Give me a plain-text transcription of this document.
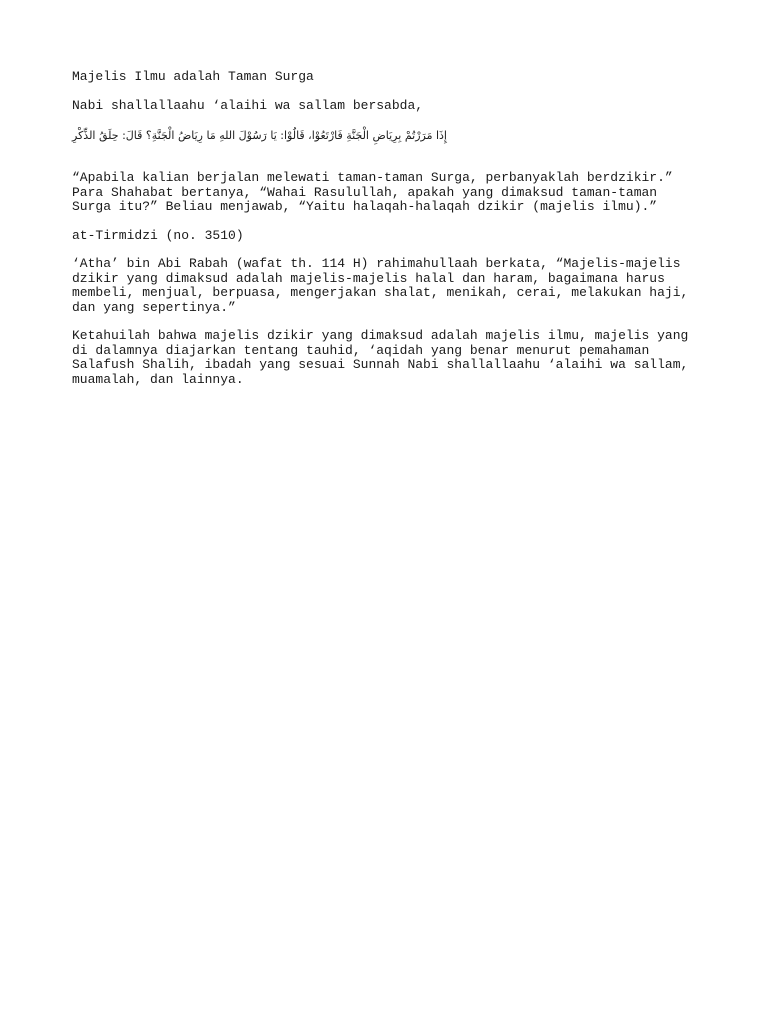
Majelis Ilmu adalah Taman Surga

Nabi shallallaahu ‘alaihi wa sallam bersabda,

إِذَا مَرَرْتُمْ بِرِيَاضِ الْجَنَّةِ فَارْتَعُوْا، قَالُوْا: يَا رَسُوْلَ اللهِ مَا رِيَاضُ الْجَنَّةِ؟ قَالَ: حِلَقُ الذِّكْرِ

“Apabila kalian berjalan melewati taman-taman Surga, perbanyaklah berdzikir.” Para Shahabat bertanya, “Wahai Rasulullah, apakah yang dimaksud taman-taman Surga itu?” Beliau menjawab, “Yaitu halaqah-halaqah dzikir (majelis ilmu).”

at-Tirmidzi (no. 3510)

‘Atha’ bin Abi Rabah (wafat th. 114 H) rahimahullaah berkata, “Majelis-majelis dzikir yang dimaksud adalah majelis-majelis halal dan haram, bagaimana harus membeli, menjual, berpuasa, mengerjakan shalat, menikah, cerai, melakukan haji, dan yang sepertinya.”

Ketahuilah bahwa majelis dzikir yang dimaksud adalah majelis ilmu, majelis yang di dalamnya diajarkan tentang tauhid, ‘aqidah yang benar menurut pemahaman Salafush Shalih, ibadah yang sesuai Sunnah Nabi shallallaahu ‘alaihi wa sallam, muamalah, dan lainnya.
